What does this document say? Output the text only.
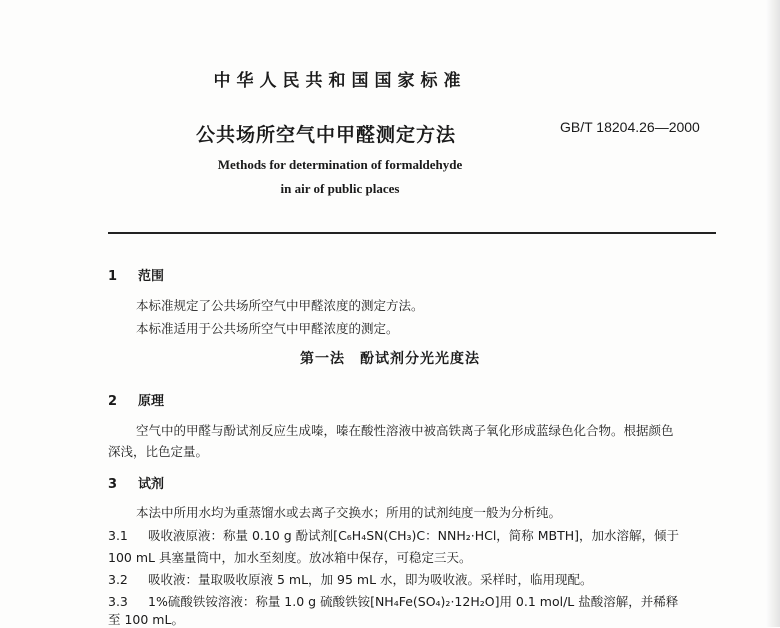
中华人民共和国国家标准
公共场所空气中甲醛测定方法	GB/T 18204.26—2000
Methods for determination of formaldehyde
in air of public places
1 范围
本标准规定了公共场所空气中甲醛浓度的测定方法。
本标准适用于公共场所空气中甲醛浓度的测定。
第一法　酚试剂分光光度法
2 原理
空气中的甲醛与酚试剂反应生成嗪，嗪在酸性溶液中被高铁离子氧化形成蓝绿色化合物。根据颜色
深浅，比色定量。
3 试剂
本法中所用水均为重蒸馏水或去离子交换水；所用的试剂纯度一般为分析纯。
3.1 吸收液原液：称量 0.10 g 酚试剂[C₆H₄SN(CH₃)C：NNH₂·HCl，简称 MBTH]，加水溶解，倾于
100 mL 具塞量筒中，加水至刻度。放冰箱中保存，可稳定三天。
3.2 吸收液：量取吸收原液 5 mL，加 95 mL 水，即为吸收液。采样时，临用现配。
3.3 1%硫酸铁铵溶液：称量 1.0 g 硫酸铁铵[NH₄Fe(SO₄)₂·12H₂O]用 0.1 mol/L 盐酸溶解，并稀释
至 100 mL。
